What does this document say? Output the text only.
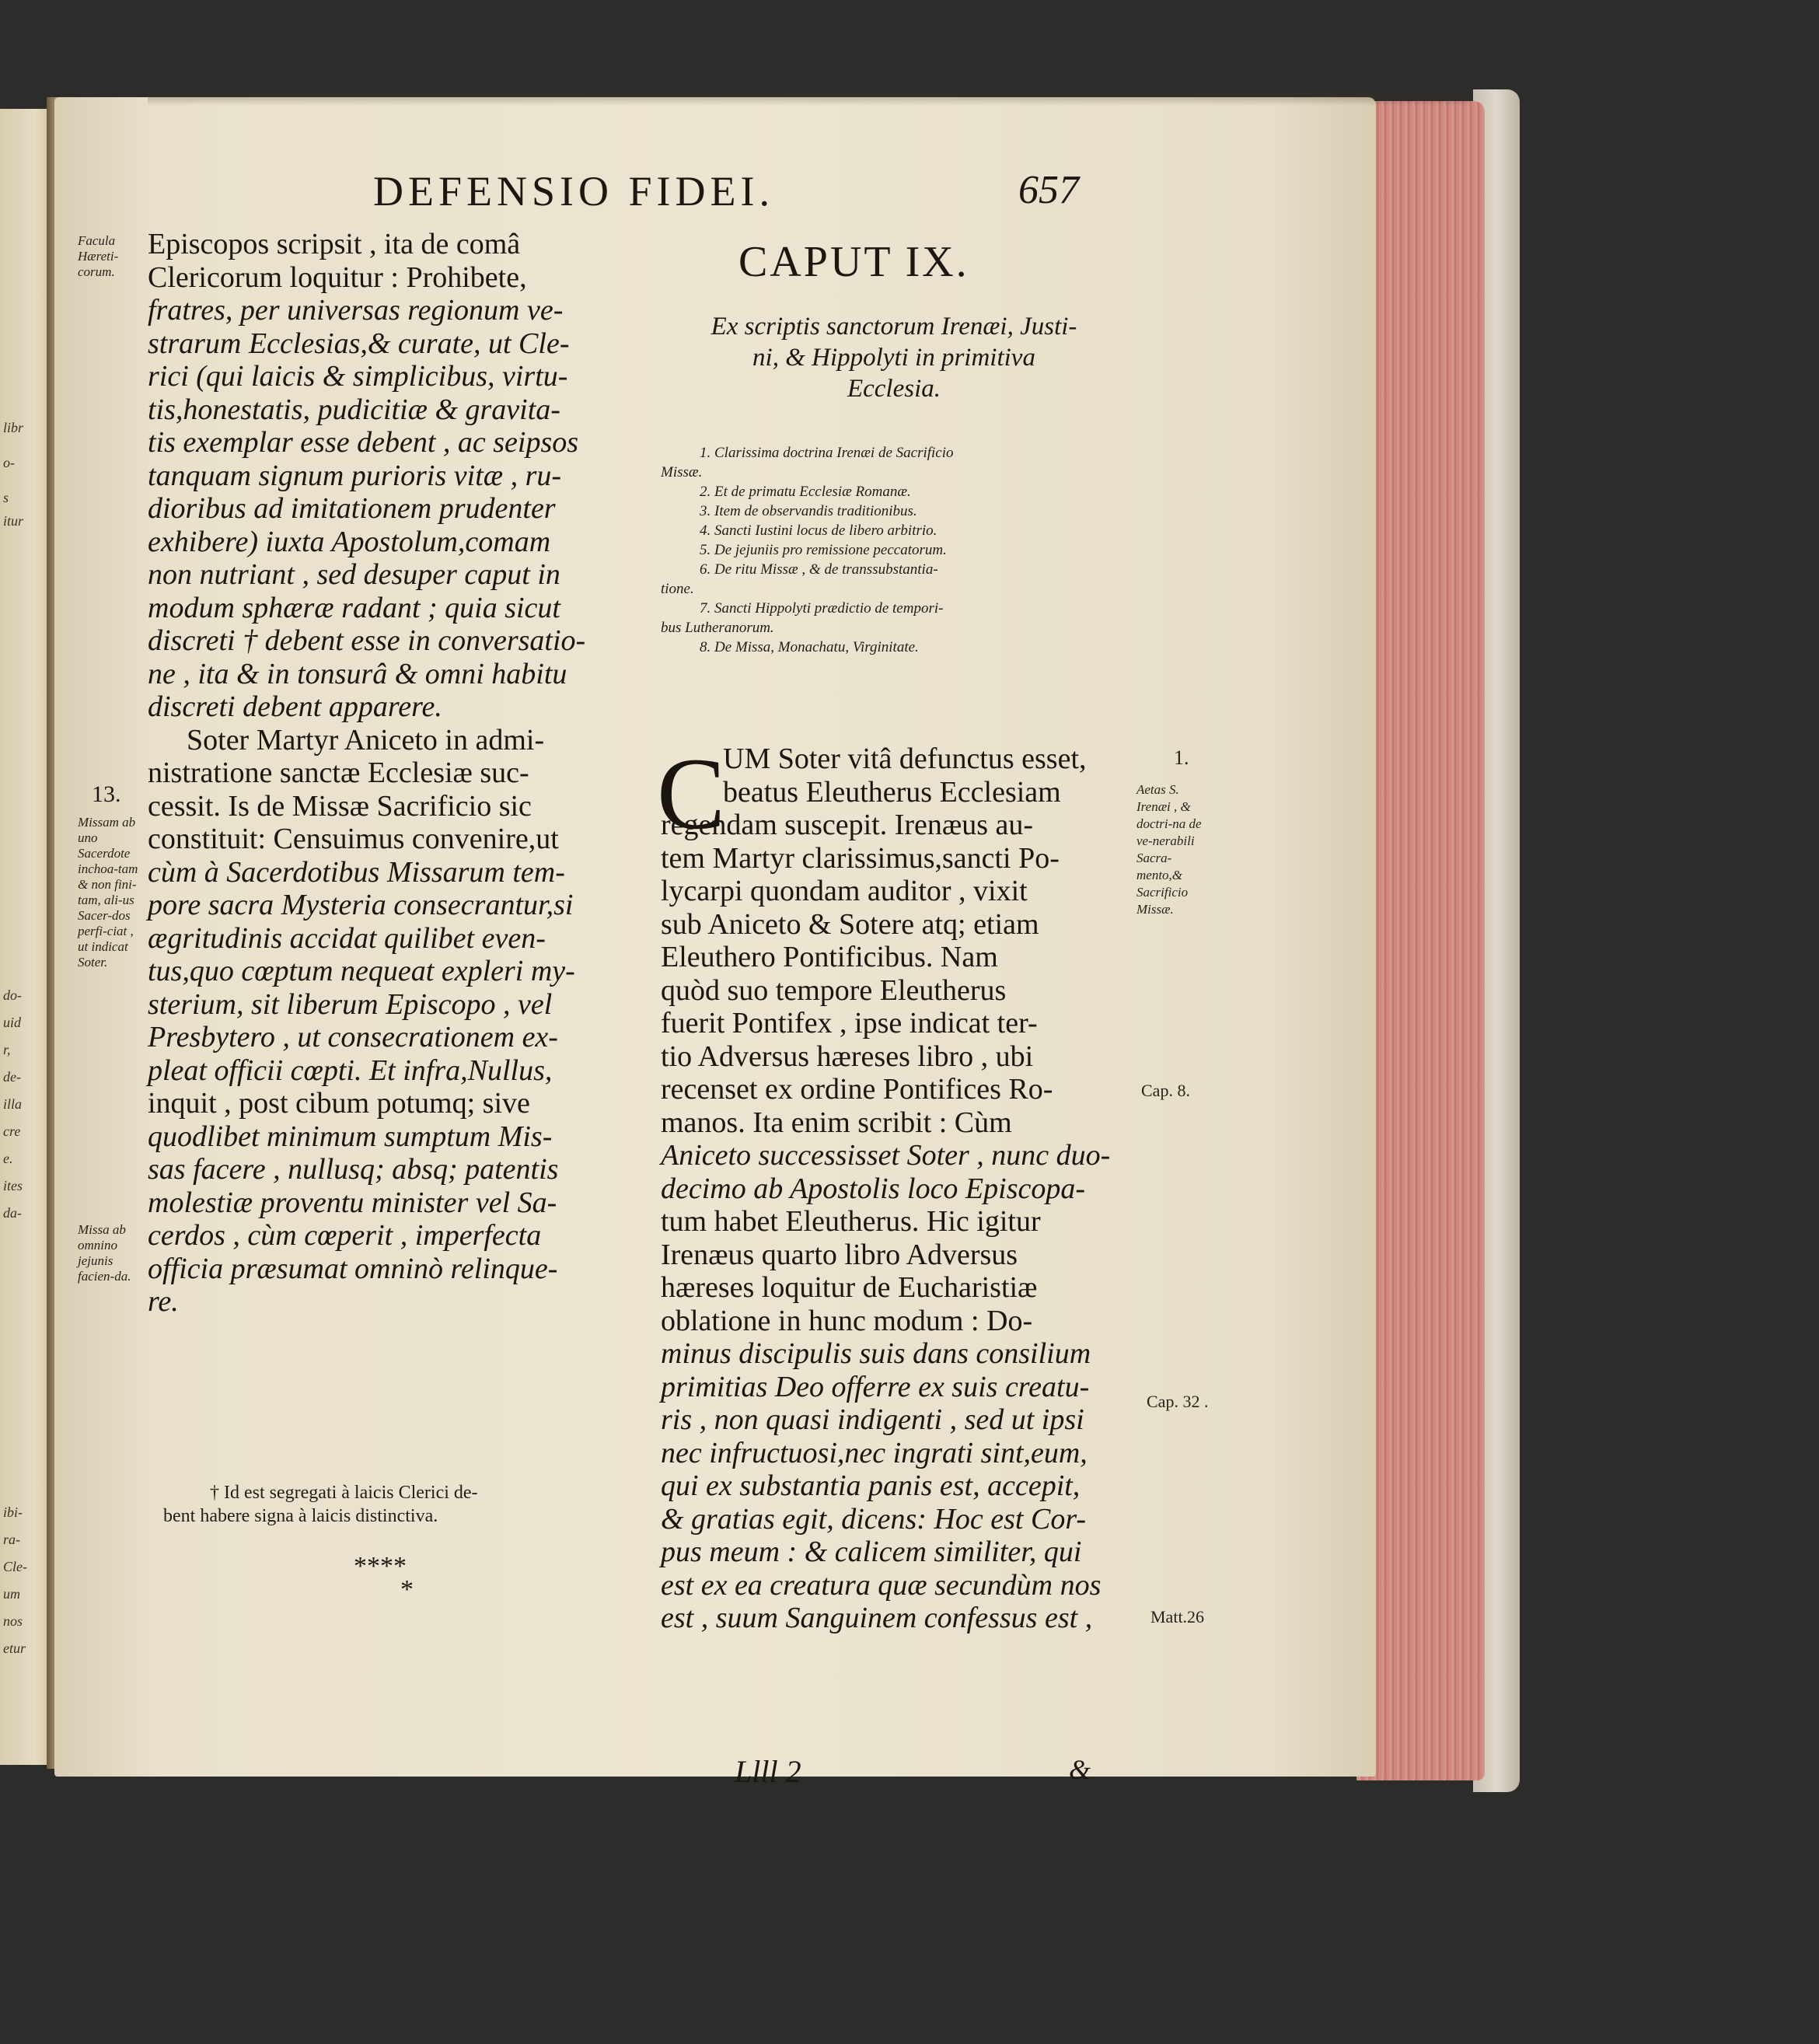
libr
o-
s
itur
do-
uid
r,
de-
illa
cre
e.
ites
da-
ibi-
ra-
Cle-
um
nos
etur
DEFENSIO FIDEI.	657
Episcopos scripsit , ita de comâ
Clericorum loquitur : Prohibete,
fratres, per universas regionum ve-
strarum Ecclesias,& curate, ut Cle-
rici (qui laicis & simplicibus, virtu-
tis,honestatis, pudicitiæ & gravita-
tis exemplar esse debent , ac seipsos
tanquam signum purioris vitæ , ru-
dioribus ad imitationem prudenter
exhibere) iuxta Apostolum,comam
non nutriant , sed desuper caput in
modum sphæræ radant ; quia sicut
discreti † debent esse in conversatio-
ne , ita & in tonsurâ & omni habitu
discreti debent apparere.
Soter Martyr Aniceto in admi-
nistratione sanctæ Ecclesiæ suc-
cessit. Is de Missæ Sacrificio sic
constituit: Censuimus convenire,ut
cùm à Sacerdotibus Missarum tem-
pore sacra Mysteria consecrantur,si
ægritudinis accidat quilibet even-
tus,quo cœptum nequeat expleri my-
sterium, sit liberum Episcopo , vel
Presbytero , ut consecrationem ex-
pleat officii cœpti. Et infra,Nullus,
inquit , post cibum potumq; sive
quodlibet minimum sumptum Mis-
sas facere , nullusq; absq; patentis
molestiæ proventu minister vel Sa-
cerdos , cùm cœperit , imperfecta
officia præsumat omninò relinque-
re.
13.
Facula Hæreti-corum.
Missam ab uno Sacerdote inchoa-tam & non fini-tam, ali-us Sacer-dos perfi-ciat , ut indicat Soter.
Missa ab omnino jejunis facien-da.
† Id est segregati à laicis Clerici de-
bent habere signa à laicis distinctiva.
*‌*‌*‌*
*
CAPUT IX.
Ex scriptis sanctorum Irenæi, Justi-
ni, & Hippolyti in primitiva
Ecclesia.
1. Clarissima doctrina Irenæi de Sacrificio
Missæ.
2. Et de primatu Ecclesiæ Romanæ.
3. Item de observandis traditionibus.
4. Sancti Iustini locus de libero arbitrio.
5. De jejuniis pro remissione peccatorum.
6. De ritu Missæ , & de transsubstantia-
tione.
7. Sancti Hippolyti prædictio de tempori-
bus Lutheranorum.
8. De Missa, Monachatu, Virginitate.
C
UM Soter vitâ defunctus esset,
beatus Eleutherus Ecclesiam
regendam suscepit. Irenæus au-
tem Martyr clarissimus,sancti Po-
lycarpi quondam auditor , vixit
sub Aniceto & Sotere atq; etiam
Eleuthero Pontificibus. Nam
quòd suo tempore Eleutherus
fuerit Pontifex , ipse indicat ter-
tio Adversus hæreses libro , ubi
recenset ex ordine Pontifices Ro-
manos. Ita enim scribit : Cùm
Aniceto successisset Soter , nunc duo-
decimo ab Apostolis loco Episcopa-
tum habet Eleutherus. Hic igitur
Irenæus quarto libro Adversus
hæreses loquitur de Eucharistiæ
oblatione in hunc modum : Do-
minus discipulis suis dans consilium
primitias Deo offerre ex suis creatu-
ris , non quasi indigenti , sed ut ipsi
nec infructuosi,nec ingrati sint,eum,
qui ex substantia panis est, accepit,
& gratias egit, dicens: Hoc est Cor-
pus meum : & calicem similiter, qui
est ex ea creatura quæ secundùm nos
est , suum Sanguinem confessus est ,
1.
Aetas S. Irenæi , & doctri-na de ve-nerabili Sacra-mento,& Sacrificio Missæ.
Cap. 8.
Cap. 32 .
Matt.26
Llll 2	&
